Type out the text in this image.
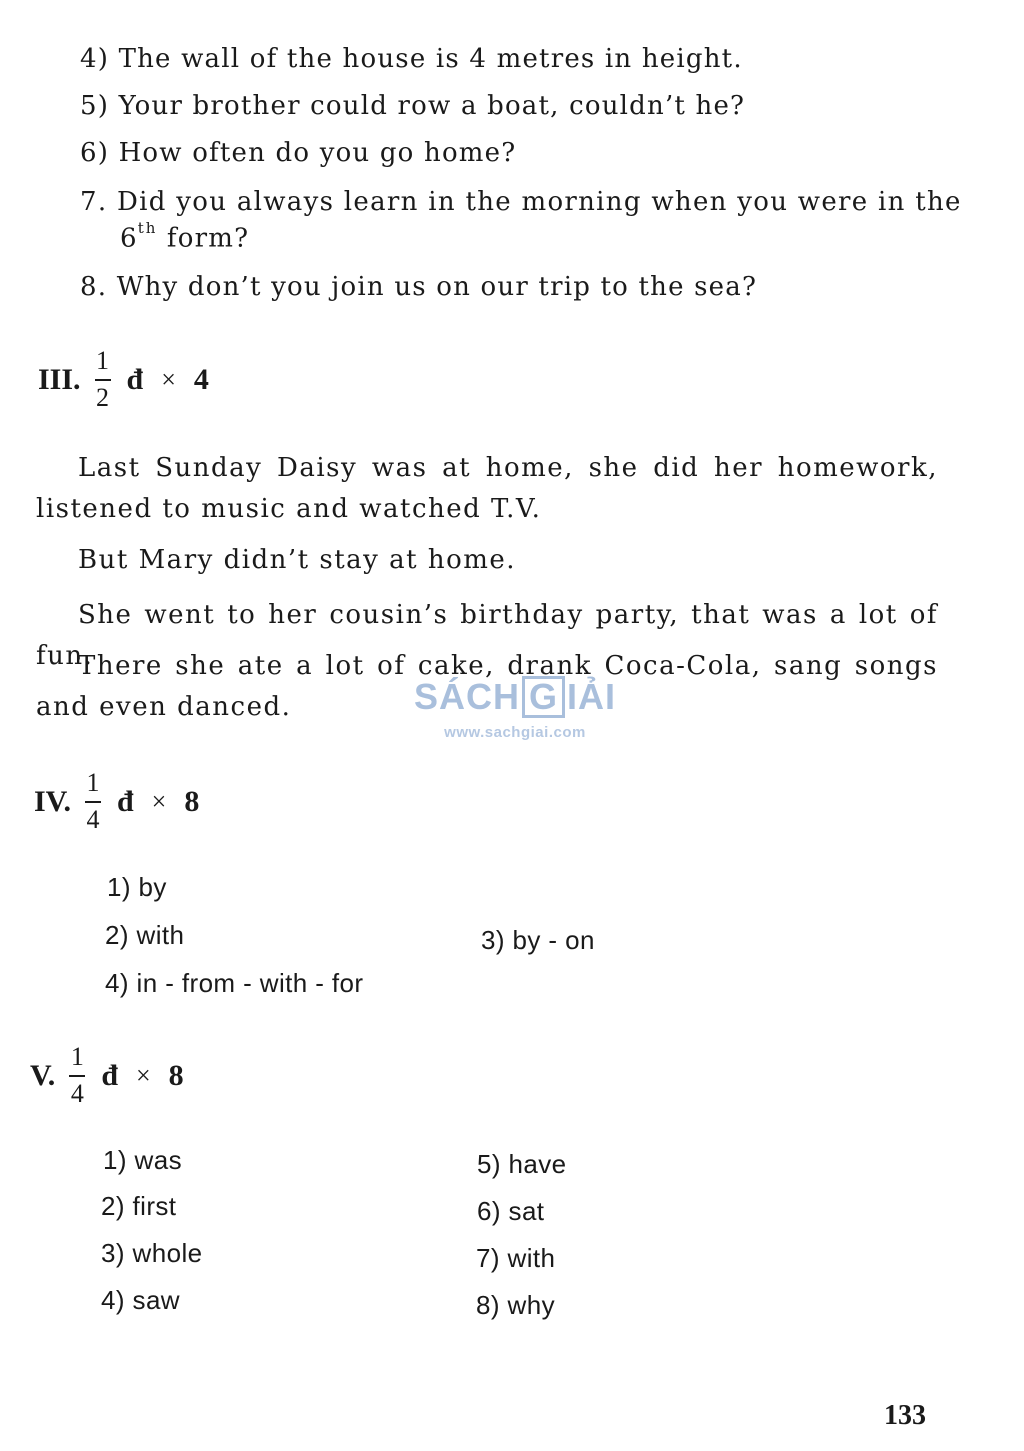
4) The wall of the house is 4 metres in height.
5) Your brother could row a boat, couldn’t he?
6) How often do you go home?
7. Did you always learn in the morning when you were in the
6th form?
8. Why don’t you join us on our trip to the sea?
III. $\frac{1}{2}$ đ × 4
Last Sunday Daisy was at home, she did her homework, listened to music and watched T.V.
But Mary didn’t stay at home.
She went to her cousin’s birthday party, that was a lot of fun.
There she ate a lot of cake, drank Coca-Cola, sang songs and even danced.	SÁCH G IẢI
www.sachgiai.com
IV. $\frac{1}{4}$ đ × 8
1) by
2) with	3) by - on
4) in - from - with - for
V. $\frac{1}{4}$ đ × 8
1) was
2) first
3) whole
4) saw
5) have
6) sat
7) with
8) why
133
